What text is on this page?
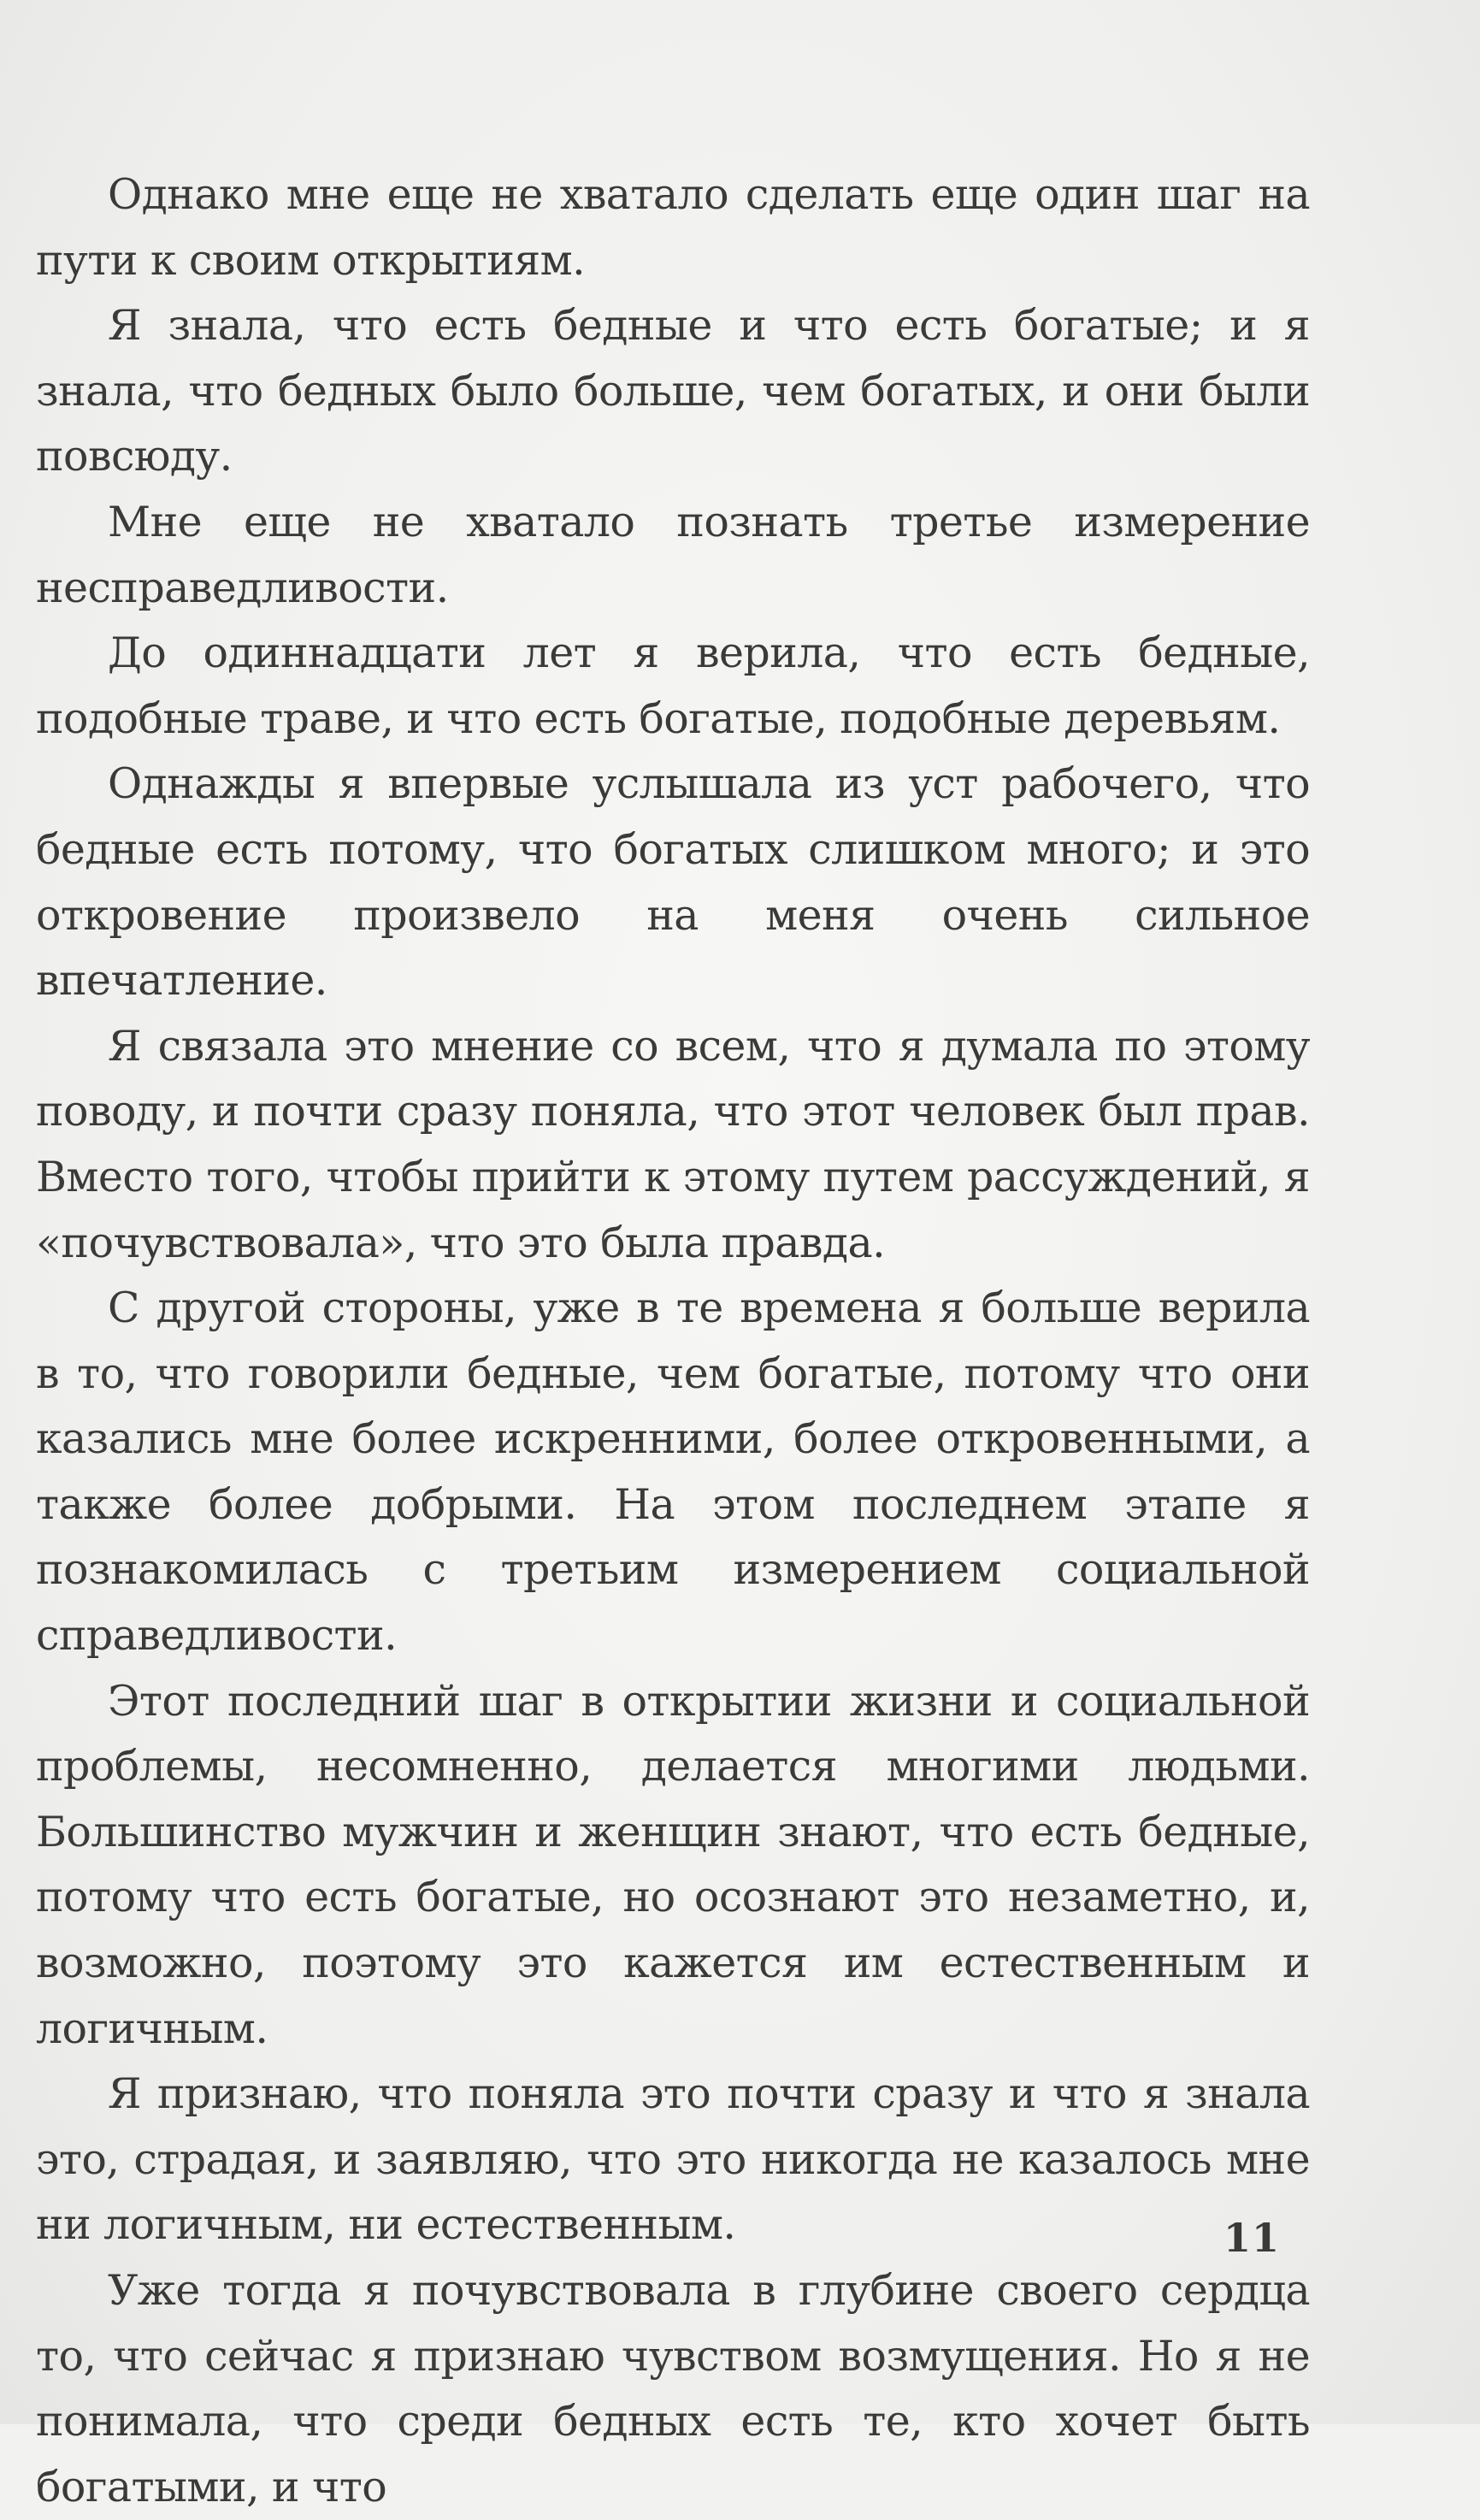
Однако мне еще не хватало сделать еще один шаг на пути к своим открытиям.

Я знала, что есть бедные и что есть богатые; и я знала, что бедных было больше, чем богатых, и они были повсюду.

Мне еще не хватало познать третье измерение несправедливости.

До одиннадцати лет я верила, что есть бедные, подобные траве, и что есть богатые, подобные деревьям.

Однажды я впервые услышала из уст рабочего, что бедные есть потому, что богатых слишком много; и это откровение произвело на меня очень сильное впечатление.

Я связала это мнение со всем, что я думала по этому поводу, и почти сразу поняла, что этот человек был прав. Вместо того, чтобы прийти к этому путем рассуждений, я «почувствовала», что это была правда.

С другой стороны, уже в те времена я больше верила в то, что говорили бедные, чем богатые, потому что они казались мне более искренними, более откровенными, а также более добрыми. На этом последнем этапе я познакомилась с третьим измерением социальной справедливости.

Этот последний шаг в открытии жизни и социальной проблемы, несомненно, делается многими людьми. Большинство мужчин и женщин знают, что есть бедные, потому что есть богатые, но осознают это незаметно, и, возможно, поэтому это кажется им естественным и логичным.

Я признаю, что поняла это почти сразу и что я знала это, страдая, и заявляю, что это никогда не казалось мне ни логичным, ни естественным.

Уже тогда я почувствовала в глубине своего сердца то, что сейчас я признаю чувством возмущения. Но я не понимала, что среди бедных есть те, кто хочет быть богатыми, и что

11
